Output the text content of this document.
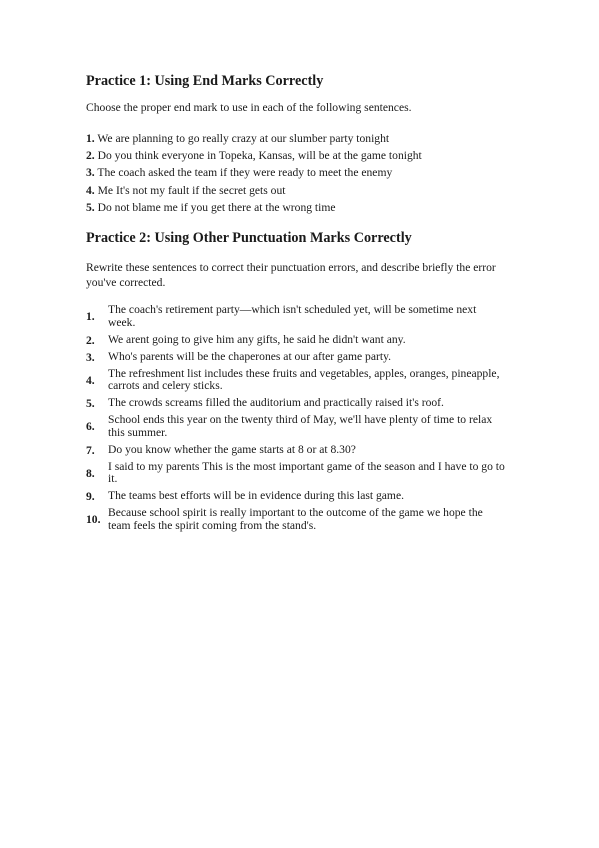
Practice 1: Using End Marks Correctly

Choose the proper end mark to use in each of the following sentences.

1. We are planning to go really crazy at our slumber party tonight
2. Do you think everyone in Topeka, Kansas, will be at the game tonight
3. The coach asked the team if they were ready to meet the enemy
4. Me It's not my fault if the secret gets out
5. Do not blame me if you get there at the wrong time
Practice 2: Using Other Punctuation Marks Correctly

Rewrite these sentences to correct their punctuation errors, and describe briefly the error you've corrected.

1.	The coach's retirement party—which isn't scheduled yet, will be sometime next week.
2.	We arent going to give him any gifts, he said he didn't want any.
3.	Who's parents will be the chaperones at our after game party.
4.	The refreshment list includes these fruits and vegetables, apples, oranges, pineapple, carrots and celery sticks.
5.	The crowds screams filled the auditorium and practically raised it's roof.
6.	School ends this year on the twenty third of May, we'll have plenty of time to relax this summer.
7.	Do you know whether the game starts at 8 or at 8.30?
8.	I said to my parents This is the most important game of the season and I have to go to it.
9.	The teams best efforts will be in evidence during this last game.
10.	Because school spirit is really important to the outcome of the game we hope the team feels the spirit coming from the stand's.
